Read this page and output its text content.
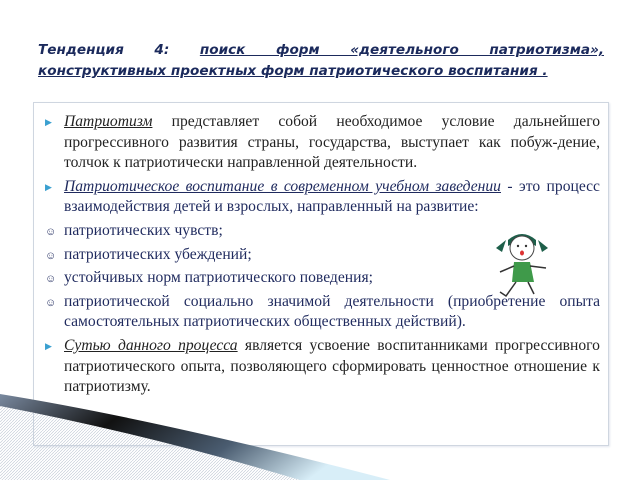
Тенденция 4: поиск форм «деятельного патриотизма»,
конструктивных проектных форм патриотического воспитания .
▶ Патриотизм представляет собой необходимое условие дальнейшего прогрессивного развития страны, государства, выступает как побуж-дение, толчок к патриотически направленной деятельности.
▶ Патриотическое воспитание в современном учебном заведении - это процесс взаимодействия детей и взрослых, направленный на развитие:
☺ патриотических чувств;
☺ патриотических убеждений;
☺ устойчивых норм патриотического поведения;
☺ патриотической социально значимой деятельности (приобретение опыта самостоятельных патриотических общественных действий).
▶ Сутью данного процесса является усвоение воспитанниками прогрессивного патриотического опыта, позволяющего сформировать ценностное отношение к патриотизму.
